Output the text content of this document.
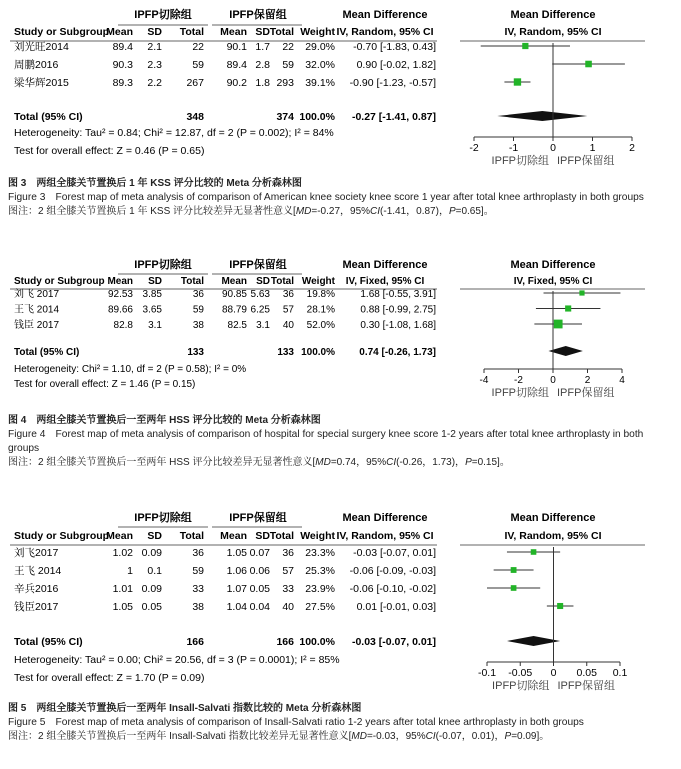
IPFP切除组	IPFP保留组	Mean Difference	Mean Difference
Study or Subgroup
Mean SD Total Mean SD Total Weight IV, Random, 95% CI	IV, Random, 95% CI
刘光旺2014	89.4 2.1	22 90.1 1.7 22 29.0% -0.70 [-1.83, 0.43]
周鹏2016	90.3 2.3	59 89.4 2.8 59 32.0% 0.90 [-0.02, 1.82]
梁华辉2015	89.3 2.2 267 90.2 1.8 293 39.1% -0.90 [-1.23, -0.57]
Total (95% CI)	348	374 100.0% -0.27 [-1.41, 0.87]
Heterogeneity: Tau² = 0.84; Chi² = 12.87, df = 2 (P = 0.002); I² = 84%
Test for overall effect: Z = 0.46 (P = 0.65)	-2	-1	0	1	2
IPFP切除组 IPFP保留组
图 3　两组全膝关节置换后 1 年 KSS 评分比较的 Meta 分析森林图
Figure 3　Forest map of meta analysis of comparison of American knee society knee score 1 year after total knee arthroplasty in both groups
图注：2 组全膝关节置换后 1 年 KSS 评分比较差异无显著性意义[MD=-0.27，95%CI(-1.41，0.87)，P=0.65]。
IPFP切除组	IPFP保留组	Mean Difference	Mean Difference
Study or Subgroup Mean SD Total Mean SD Total Weight IV, Fixed, 95% CI	IV, Fixed, 95% CI
刘飞 2017	92.53 3.85	36 90.85 5.63 36 19.8%	1.68 [-0.55, 3.91]
王飞 2014	89.66 3.65	59 88.79 6.25 57 28.1%	0.88 [-0.99, 2.75]
钱臣 2017	82.8 3.1	38 82.5 3.1 40 52.0%	0.30 [-1.08, 1.68]
Total (95% CI)	133	133 100.0% 0.74 [-0.26, 1.73]
Heterogeneity: Chi² = 1.10, df = 2 (P = 0.58); I² = 0%
Test for overall effect: Z = 1.46 (P = 0.15)	-4	-2	0	2	4
IPFP切除组 IPFP保留组
图 4　两组全膝关节置换后一至两年 HSS 评分比较的 Meta 分析森林图
Figure 4　Forest map of meta analysis of comparison of hospital for special surgery knee score 1-2 years after total knee arthroplasty in both groups
图注：2 组全膝关节置换后一至两年 HSS 评分比较差异无显著性意义[MD=0.74，95%CI(-0.26，1.73)，P=0.15]。
IPFP切除组	IPFP保留组	Mean Difference	Mean Difference
Study or Subgroup
Mean SD Total Mean SD Total Weight IV, Random, 95% CI	IV, Random, 95% CI
刘飞2017	1.02 0.09	36 1.05 0.07 36 23.3% -0.03 [-0.07, 0.01]
王飞 2014	1 0.1	59 1.06 0.06 57 25.3% -0.06 [-0.09, -0.03]
辛兵2016	1.01 0.09	33 1.07 0.05 33 23.9% -0.06 [-0.10, -0.02]
钱臣2017	1.05 0.05	38 1.04 0.04 40 27.5% 0.01 [-0.01, 0.03]
Total (95% CI)	166	166 100.0% -0.03 [-0.07, 0.01]
Heterogeneity: Tau² = 0.00; Chi² = 20.56, df = 3 (P = 0.0001); I² = 85%
Test for overall effect: Z = 1.70 (P = 0.09)	-0.1 -0.05 0 0.05 0.1
IPFP切除组 IPFP保留组
图 5　两组全膝关节置换后一至两年 Insall-Salvati 指数比较的 Meta 分析森林图
Figure 5　Forest map of meta analysis of comparison of Insall-Salvati ratio 1-2 years after total knee arthroplasty in both groups
图注：2 组全膝关节置换后一至两年 Insall-Salvati 指数比较差异无显著性意义[MD=-0.03，95%CI(-0.07，0.01)，P=0.09]。
